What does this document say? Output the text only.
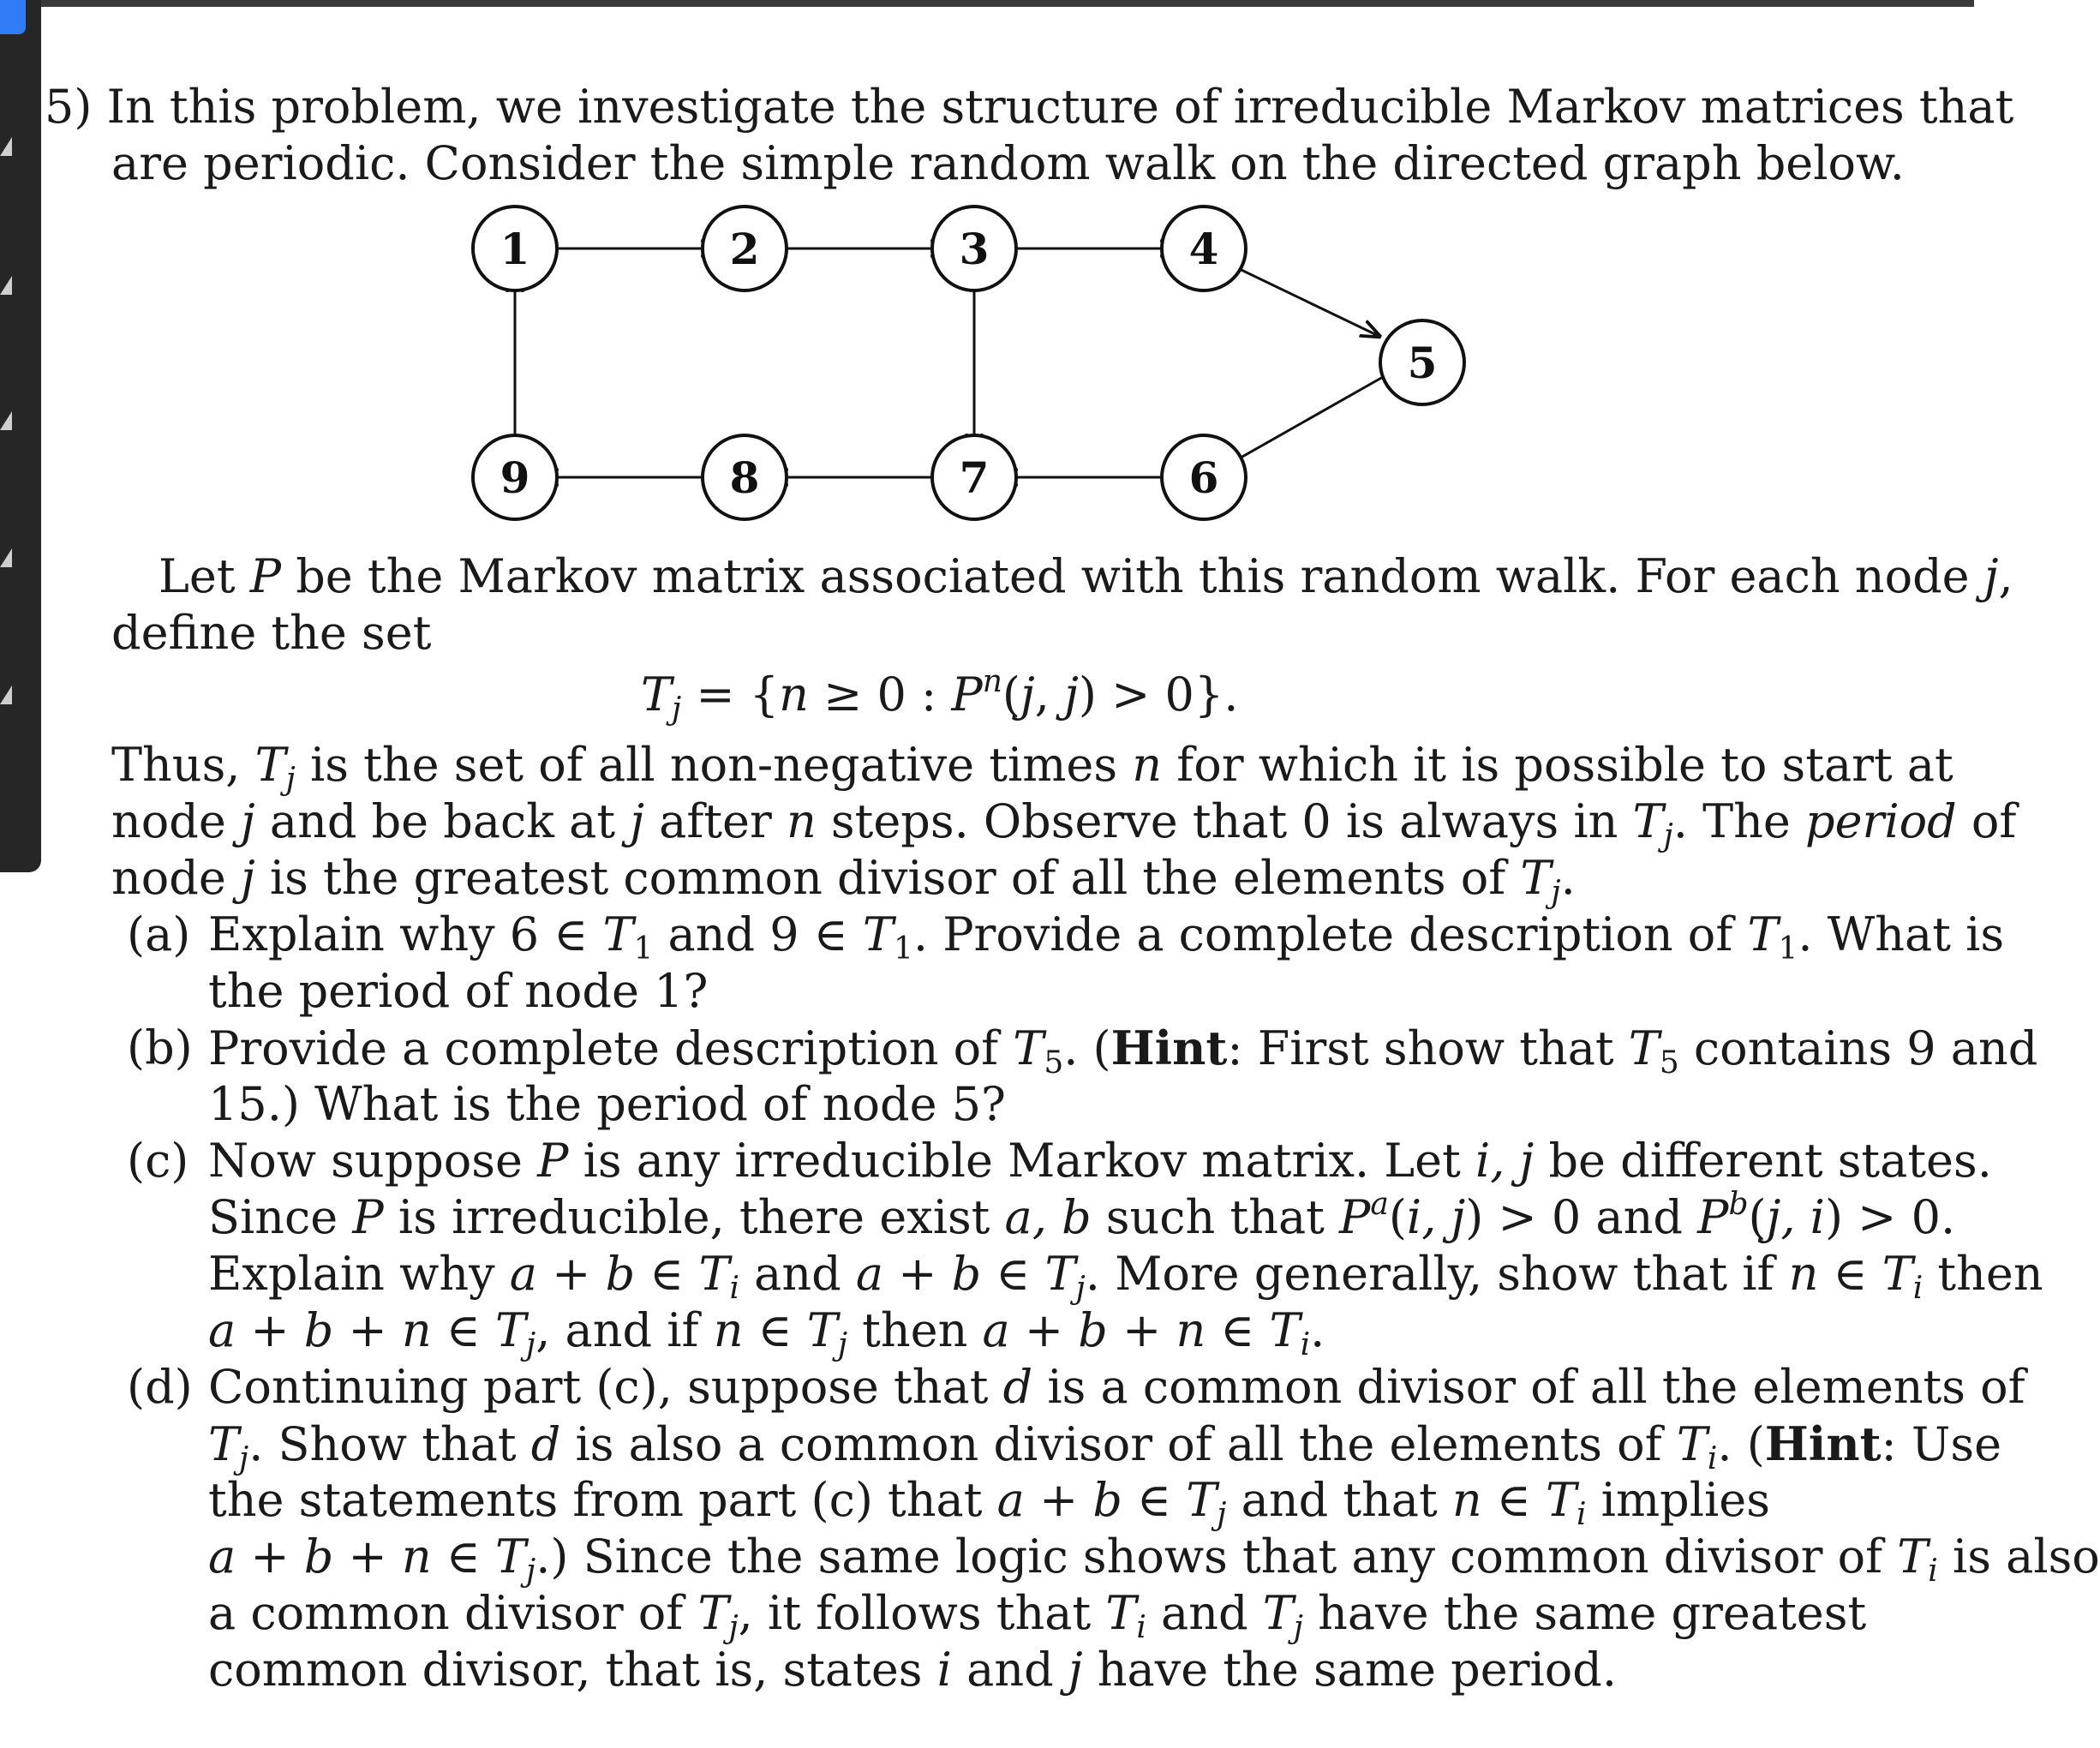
5) In this problem, we investigate the structure of irreducible Markov matrices that
are periodic. Consider the simple random walk on the directed graph below.
1	2	3	4
5
6
7
8
9
Let P be the Markov matrix associated with this random walk. For each node j,
define the set
$T_j = \{n \ge 0$ : $P^n(j$, j) > 0}.
Thus, $T_j$ is the set of all non-negative times n for which it is possible to start at
node j and be back at j after n steps. Observe that 0 is always in $T_j$. The period of
node j is the greatest common divisor of all the elements of $T_j$.
(a) Explain why 6 ∈ $T_1$ and 9 ∈ $T_1$. Provide a complete description of $T_1$. What is
the period of node 1?
(b) Provide a complete description of $T_5$. (Hint: First show that $T_5$ contains 9 and
15.) What is the period of node 5?
(c) Now suppose P is any irreducible Markov matrix. Let i, j be different states.
Since P is irreducible, there exist a, b such that $P^a(i$, j) > 0 and $P^b(j$, i) > 0.
Explain why a + b ∈ $T_i$ and a + b ∈ $T_j$. More generally, show that if n ∈ $T_i$ then
a + b + n ∈ $T_j$, and if n ∈ $T_j$ then a + b + n ∈ $T_i$.
(d) Continuing part (c), suppose that d is a common divisor of all the elements of
$T_j$. Show that d is also a common divisor of all the elements of $T_i$. (Hint: Use
the statements from part (c) that a + b ∈ $T_j$ and that n ∈ $T_i$ implies
a + b + n ∈ $T_j$.) Since the same logic shows that any common divisor of $T_i$ is also
a common divisor of $T_j$, it follows that $T_i$ and $T_j$ have the same greatest
common divisor, that is, states i and j have the same period.
